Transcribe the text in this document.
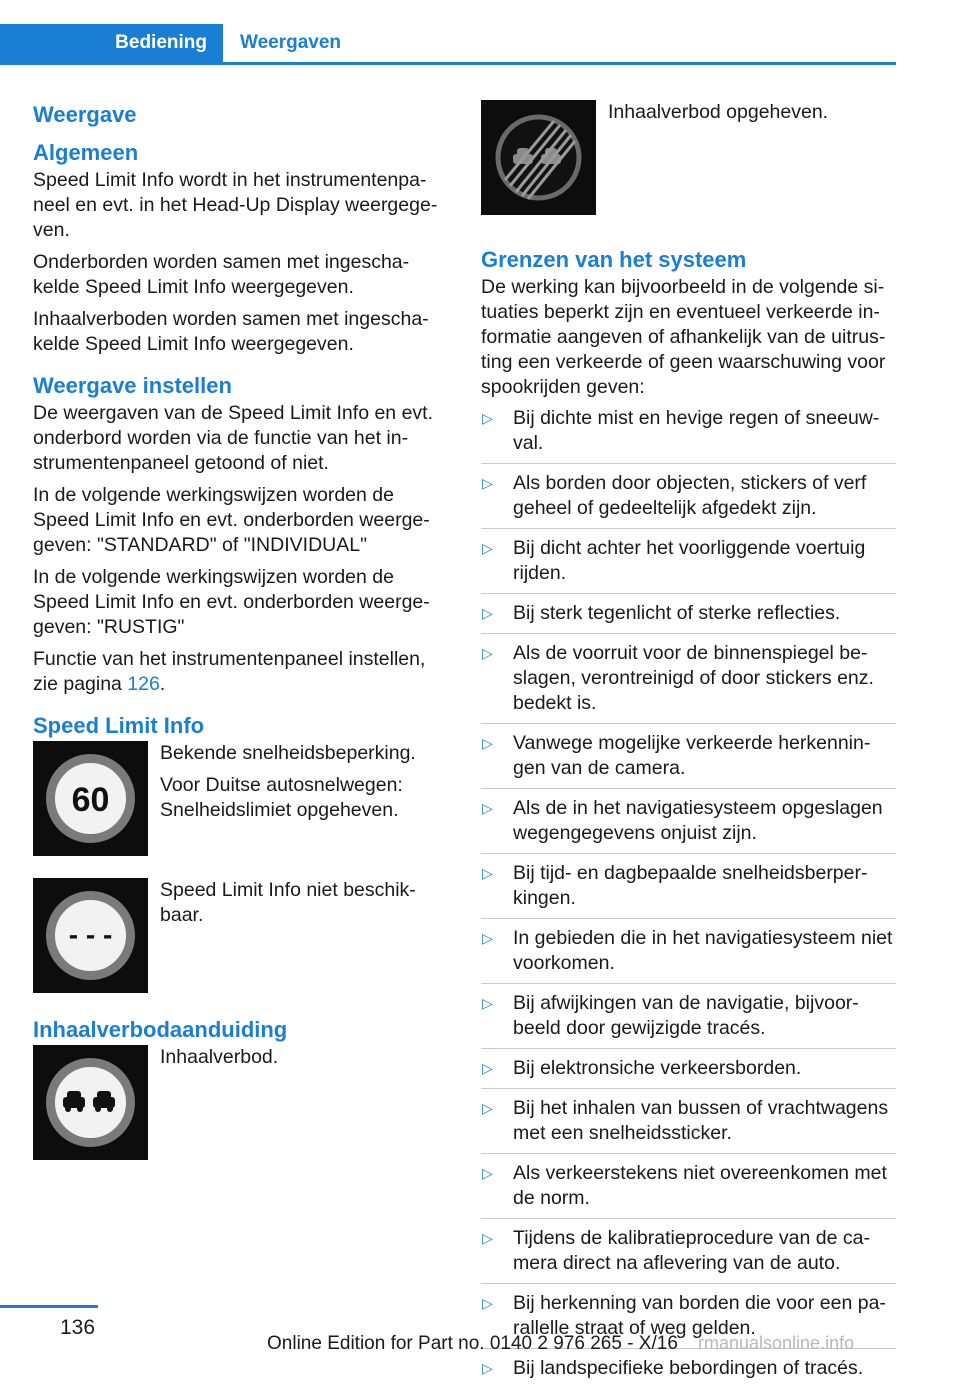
Bediening	Weergaven
Weergave
Algemeen

Speed Limit Info wordt in het instrumentenpa-neel en evt. in het Head-Up Display weergege-ven.

Onderborden worden samen met ingescha-kelde Speed Limit Info weergegeven.

Inhaalverboden worden samen met ingescha-kelde Speed Limit Info weergegeven.

Weergave instellen

De weergaven van de Speed Limit Info en evt. onderbord worden via de functie van het in-strumentenpaneel getoond of niet.

In de volgende werkingswijzen worden de Speed Limit Info en evt. onderborden weerge-geven: "STANDARD" of "INDIVIDUAL"

In de volgende werkingswijzen worden de Speed Limit Info en evt. onderborden weerge-geven: "RUSTIG"

Functie van het instrumentenpaneel instellen, zie pagina 126.

Speed Limit Info
60

Bekende snelheidsbeperking.

Voor Duitse autosnelwegen: Snelheidslimiet opgeheven.

- - -

Speed Limit Info niet beschik-baar.

Inhaalverbodaanduiding

Inhaalverbod.

Inhaalverbod opgeheven.

Grenzen van het systeem

De werking kan bijvoorbeeld in de volgende si-tuaties beperkt zijn en eventueel verkeerde in-formatie aangeven of afhankelijk van de uitrus-ting een verkeerde of geen waarschuwing voor spookrijden geven:

▷ Bij dichte mist en hevige regen of sneeuw-val.
▷ Als borden door objecten, stickers of verf geheel of gedeeltelijk afgedekt zijn.
▷ Bij dicht achter het voorliggende voertuig rijden.
▷ Bij sterk tegenlicht of sterke reflecties.
▷ Als de voorruit voor de binnenspiegel be-slagen, verontreinigd of door stickers enz. bedekt is.
▷ Vanwege mogelijke verkeerde herkennin-gen van de camera.
▷ Als de in het navigatiesysteem opgeslagen wegengegevens onjuist zijn.
▷ Bij tijd- en dagbepaalde snelheidsberper-kingen.
▷ In gebieden die in het navigatiesysteem niet voorkomen.
▷ Bij afwijkingen van de navigatie, bijvoor-beeld door gewijzigde tracés.
▷ Bij elektronsiche verkeersborden.
▷ Bij het inhalen van bussen of vrachtwagens met een snelheidssticker.
▷ Als verkeerstekens niet overeenkomen met de norm.
▷ Tijdens de kalibratieprocedure van de ca-mera direct na aflevering van de auto.
▷ Bij herkenning van borden die voor een pa-rallelle straat of weg gelden.
▷ Bij landspecifieke bebordingen of tracés.
136
Online Edition for Part no. 0140 2 976 265 - X/16 rmanualsonline.info
